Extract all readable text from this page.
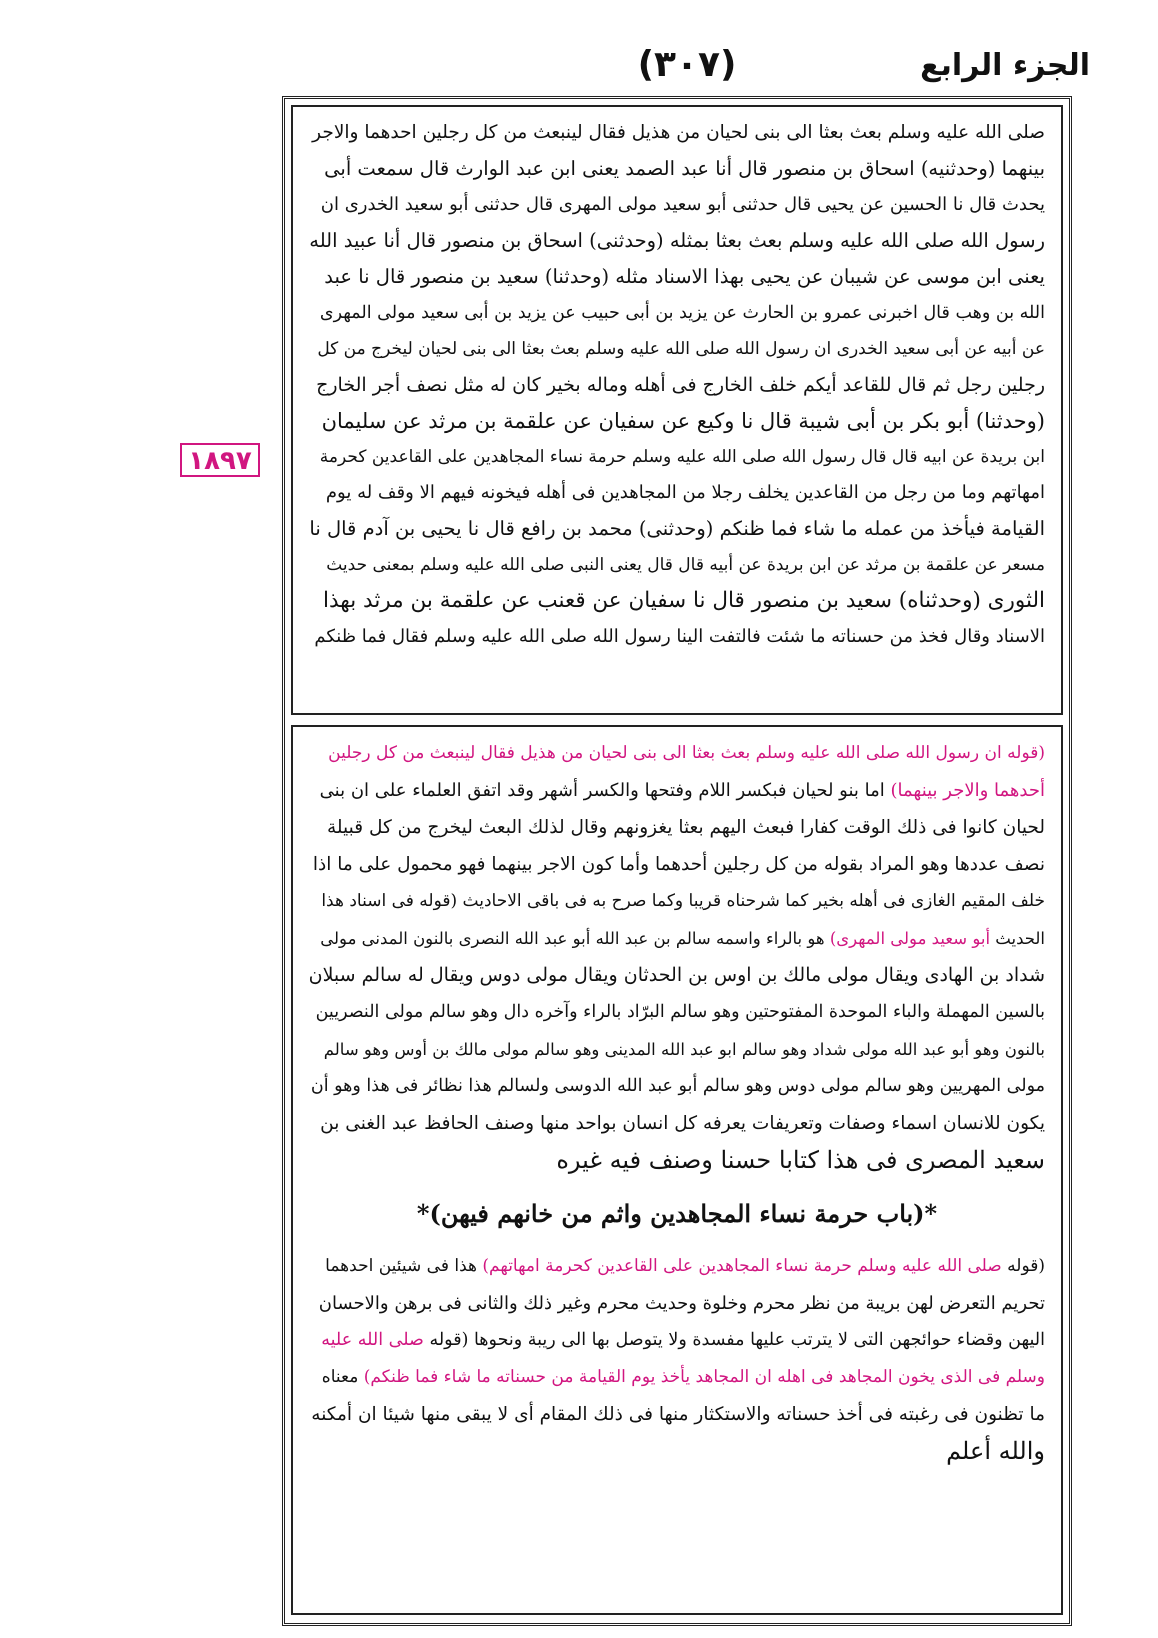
(٣٠٧)	الجزء الرابع
١٨٩٧
صلى الله عليه وسلم بعث بعثا الى بنى لحيان من هذيل فقال لينبعث من كل رجلين احدهما والاجر
بينهما (وحدثنيه) اسحاق بن منصور قال أنا عبد الصمد يعنى ابن عبد الوارث قال سمعت أبى
يحدث قال نا الحسين عن يحيى قال حدثنى أبو سعيد مولى المهرى قال حدثنى أبو سعيد الخدرى ان
رسول الله صلى الله عليه وسلم بعث بعثا بمثله (وحدثنى) اسحاق بن منصور قال أنا عبيد الله
يعنى ابن موسى عن شيبان عن يحيى بهذا الاسناد مثله (وحدثنا) سعيد بن منصور قال نا عبد
الله بن وهب قال اخبرنى عمرو بن الحارث عن يزيد بن أبى حبيب عن يزيد بن أبى سعيد مولى المهرى
عن أبيه عن أبى سعيد الخدرى ان رسول الله صلى الله عليه وسلم بعث بعثا الى بنى لحيان ليخرج من كل
رجلين رجل ثم قال للقاعد أيكم خلف الخارج فى أهله وماله بخير كان له مثل نصف أجر الخارج
(وحدثنا) أبو بكر بن أبى شيبة قال نا وكيع عن سفيان عن علقمة بن مرثد عن سليمان
ابن بريدة عن ابيه قال قال رسول الله صلى الله عليه وسلم حرمة نساء المجاهدين على القاعدين كحرمة
امهاتهم وما من رجل من القاعدين يخلف رجلا من المجاهدين فى أهله فيخونه فيهم الا وقف له يوم
القيامة فيأخذ من عمله ما شاء فما ظنكم (وحدثنى) محمد بن رافع قال نا يحيى بن آدم قال نا
مسعر عن علقمة بن مرثد عن ابن بريدة عن أبيه قال قال يعنى النبى صلى الله عليه وسلم بمعنى حديث
الثورى (وحدثناه) سعيد بن منصور قال نا سفيان عن قعنب عن علقمة بن مرثد بهذا
الاسناد وقال فخذ من حسناته ما شئت فالتفت الينا رسول الله صلى الله عليه وسلم فقال فما ظنكم
(قوله ان رسول الله صلى الله عليه وسلم بعث بعثا الى بنى لحيان من هذيل فقال لينبعث من كل رجلين
أحدهما والاجر بينهما) اما بنو لحيان فبكسر اللام وفتحها والكسر أشهر وقد اتفق العلماء على ان بنى
لحيان كانوا فى ذلك الوقت كفارا فبعث اليهم بعثا يغزونهم وقال لذلك البعث ليخرج من كل قبيلة
نصف عددها وهو المراد بقوله من كل رجلين أحدهما وأما كون الاجر بينهما فهو محمول على ما اذا
خلف المقيم الغازى فى أهله بخير كما شرحناه قريبا وكما صرح به فى باقى الاحاديث (قوله فى اسناد هذا
الحديث أبو سعيد مولى المهرى) هو بالراء واسمه سالم بن عبد الله أبو عبد الله النصرى بالنون المدنى مولى
شداد بن الهادى ويقال مولى مالك بن اوس بن الحدثان ويقال مولى دوس ويقال له سالم سبلان
بالسين المهملة والباء الموحدة المفتوحتين وهو سالم البرّاد بالراء وآخره دال وهو سالم مولى النصريين
بالنون وهو أبو عبد الله مولى شداد وهو سالم ابو عبد الله المدينى وهو سالم مولى مالك بن أوس وهو سالم
مولى المهريين وهو سالم مولى دوس وهو سالم أبو عبد الله الدوسى ولسالم هذا نظائر فى هذا وهو أن
يكون للانسان اسماء وصفات وتعريفات يعرفه كل انسان بواحد منها وصنف الحافظ عبد الغنى بن
سعيد المصرى فى هذا كتابا حسنا وصنف فيه غيره
*(باب حرمة نساء المجاهدين واثم من خانهم فيهن)*
(قوله صلى الله عليه وسلم حرمة نساء المجاهدين على القاعدين كحرمة امهاتهم) هذا فى شيئين احدهما
تحريم التعرض لهن بريبة من نظر محرم وخلوة وحديث محرم وغير ذلك والثانى فى برهن والاحسان
اليهن وقضاء حوائجهن التى لا يترتب عليها مفسدة ولا يتوصل بها الى ريبة ونحوها (قوله صلى الله عليه
وسلم فى الذى يخون المجاهد فى اهله ان المجاهد يأخذ يوم القيامة من حسناته ما شاء فما ظنكم) معناه
ما تظنون فى رغبته فى أخذ حسناته والاستكثار منها فى ذلك المقام أى لا يبقى منها شيئا ان أمكنه
والله أعلم
